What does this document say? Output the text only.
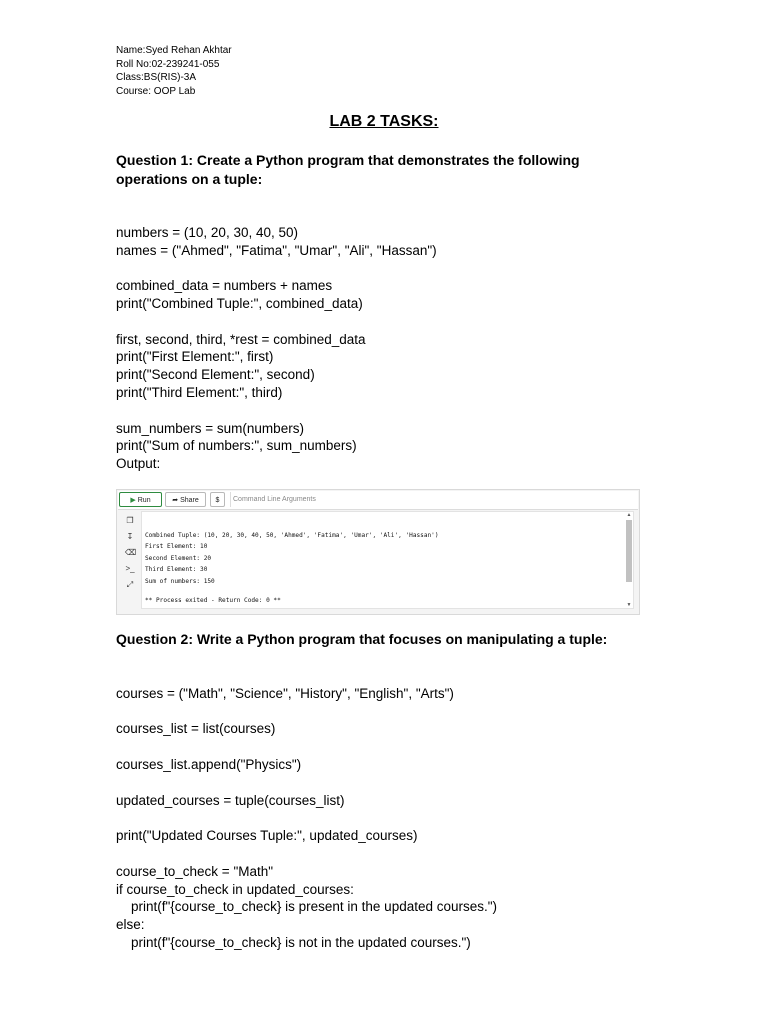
Name:Syed Rehan Akhtar
Roll No:02-239241-055
Class:BS(RIS)-3A
Course: OOP Lab
LAB 2 TASKS:
Question 1: Create a Python program that demonstrates the following operations on a tuple:

numbers = (10, 20, 30, 40, 50)
names = ("Ahmed", "Fatima", "Umar", "Ali", "Hassan")

combined_data = numbers + names
print("Combined Tuple:", combined_data)

first, second, third, *rest = combined_data
print("First Element:", first)
print("Second Element:", second)
print("Third Element:", third)

sum_numbers = sum(numbers)
print("Sum of numbers:", sum_numbers)

Output:
▶ Run	➦ Share	$	Command Line Arguments
❐
↧
⌫
>_
⤢

Combined Tuple: (10, 20, 30, 40, 50, 'Ahmed', 'Fatima', 'Umar', 'Ali', 'Hassan')
First Element: 10
Second Element: 20
Third Element: 30
Sum of numbers: 150

** Process exited - Return Code: 0 **
▲
▼
Question 2: Write a Python program that focuses on manipulating a tuple:

courses = ("Math", "Science", "History", "English", "Arts")

courses_list = list(courses)

courses_list.append("Physics")

updated_courses = tuple(courses_list)

print("Updated Courses Tuple:", updated_courses)

course_to_check = "Math"
if course_to_check in updated_courses:
print(f"{course_to_check} is present in the updated courses.")
else:
print(f"{course_to_check} is not in the updated courses.")
